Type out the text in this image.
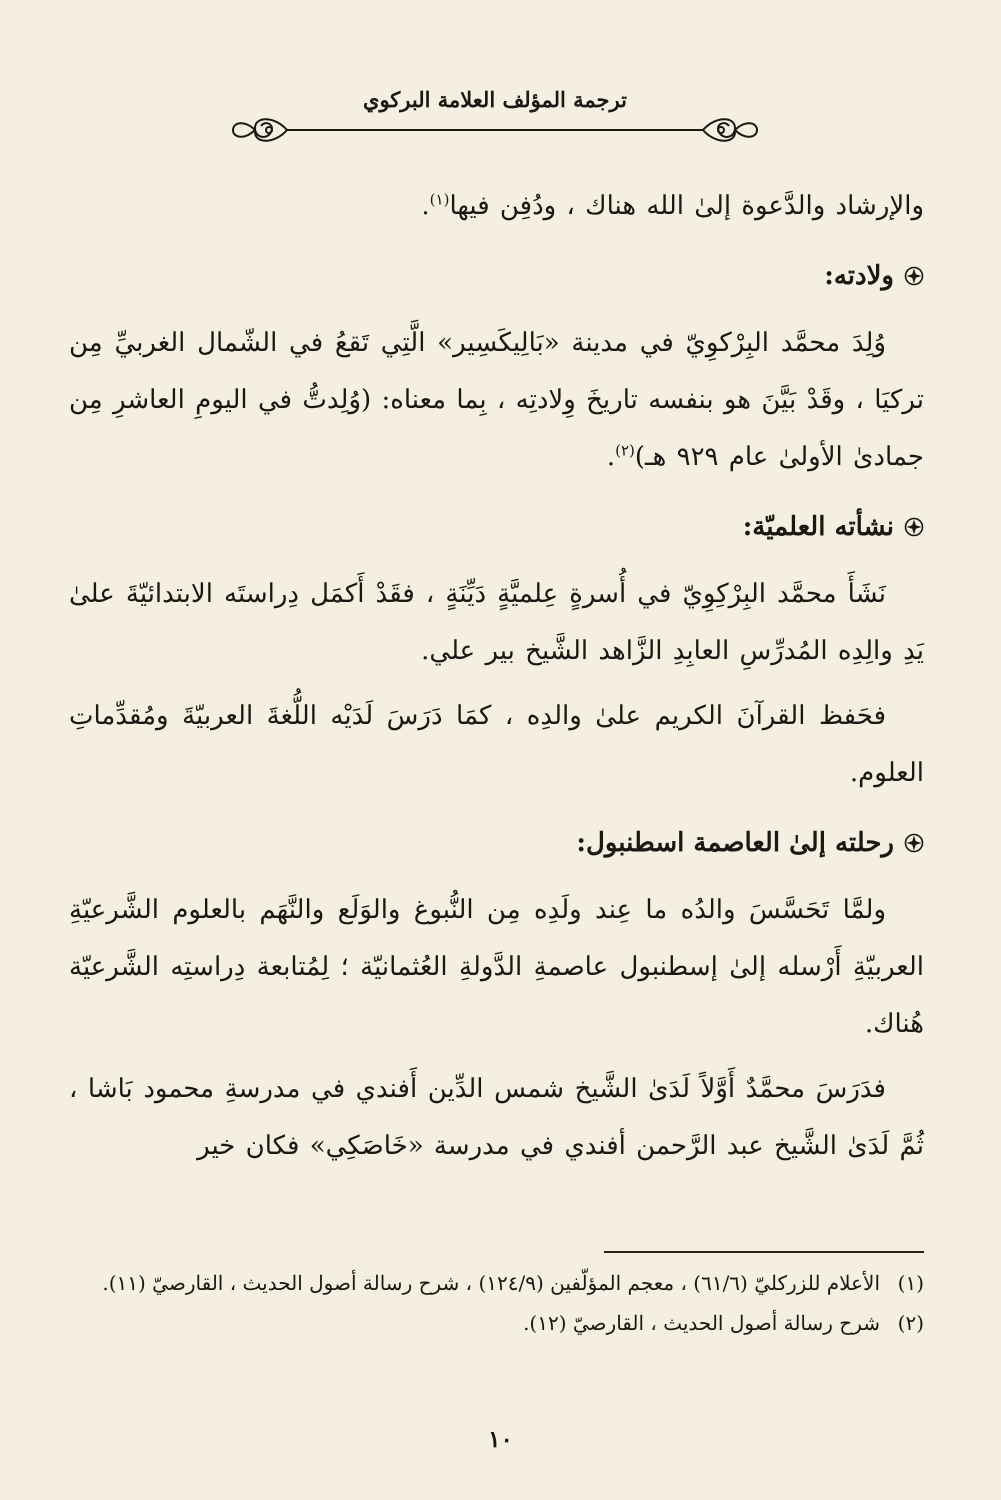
ترجمة المؤلف العلامة البركوي

والإرشاد والدَّعوة إلىٰ الله هناك ، ودُفِن فيها$^{(١)}$.

ولادته:

وُلِدَ محمَّد البِرْكوِيّ في مدينة «بَالِيكَسِير» الَّتِي تَقعُ في الشّمال الغربيِّ مِن تركيَا ، وقَدْ بَيَّنَ هو بنفسه تاريخَ وِلادتِه ، بِما معناه: (وُلِدتُّ في اليومِ العاشرِ مِن جمادىٰ الأولىٰ عام ٩٢٩ هـ)$^{(٢)}$.

نشأته العلميّة:

نَشَأَ محمَّد البِرْكِوِيّ في أُسرةٍ عِلميَّةٍ دَيِّنَةٍ ، فقَدْ أَكمَل دِراستَه الابتدائيّةَ علىٰ يَدِ والِدِه المُدرِّسِ العابِدِ الزَّاهد الشَّيخ بير علي.

فحَفظ القرآنَ الكريم علىٰ والدِه ، كمَا دَرَسَ لَدَيْه اللُّغةَ العربيّةَ ومُقدِّماتِ العلوم.

رحلته إلىٰ العاصمة اسطنبول:

ولمَّا تَحَسَّسَ والدُه ما عِند ولَدِه مِن النُّبوغ والوَلَع والنَّهَم بالعلوم الشَّرعيّةِ العربيّةِ أَرْسله إلىٰ إسطنبول عاصمةِ الدَّولةِ العُثمانيّة ؛ لِمُتابعة دِراستِه الشَّرعيّة هُناك.

فدَرَسَ محمَّدٌ أَوَّلاً لَدَىٰ الشَّيخ شمس الدِّين أَفندي في مدرسةِ محمود بَاشا ، ثُمَّ لَدَىٰ الشَّيخ عبد الرَّحمن أفندي في مدرسة «خَاصَكِي» فكان خير

(١)
الأعلام للزركليّ (٦١/٦) ، معجم المؤلّفين (١٢٤/٩) ، شرح رسالة أصول الحديث ، القارصيّ (١١).
(٢)
شرح رسالة أصول الحديث ، القارصيّ (١٢).
١٠
